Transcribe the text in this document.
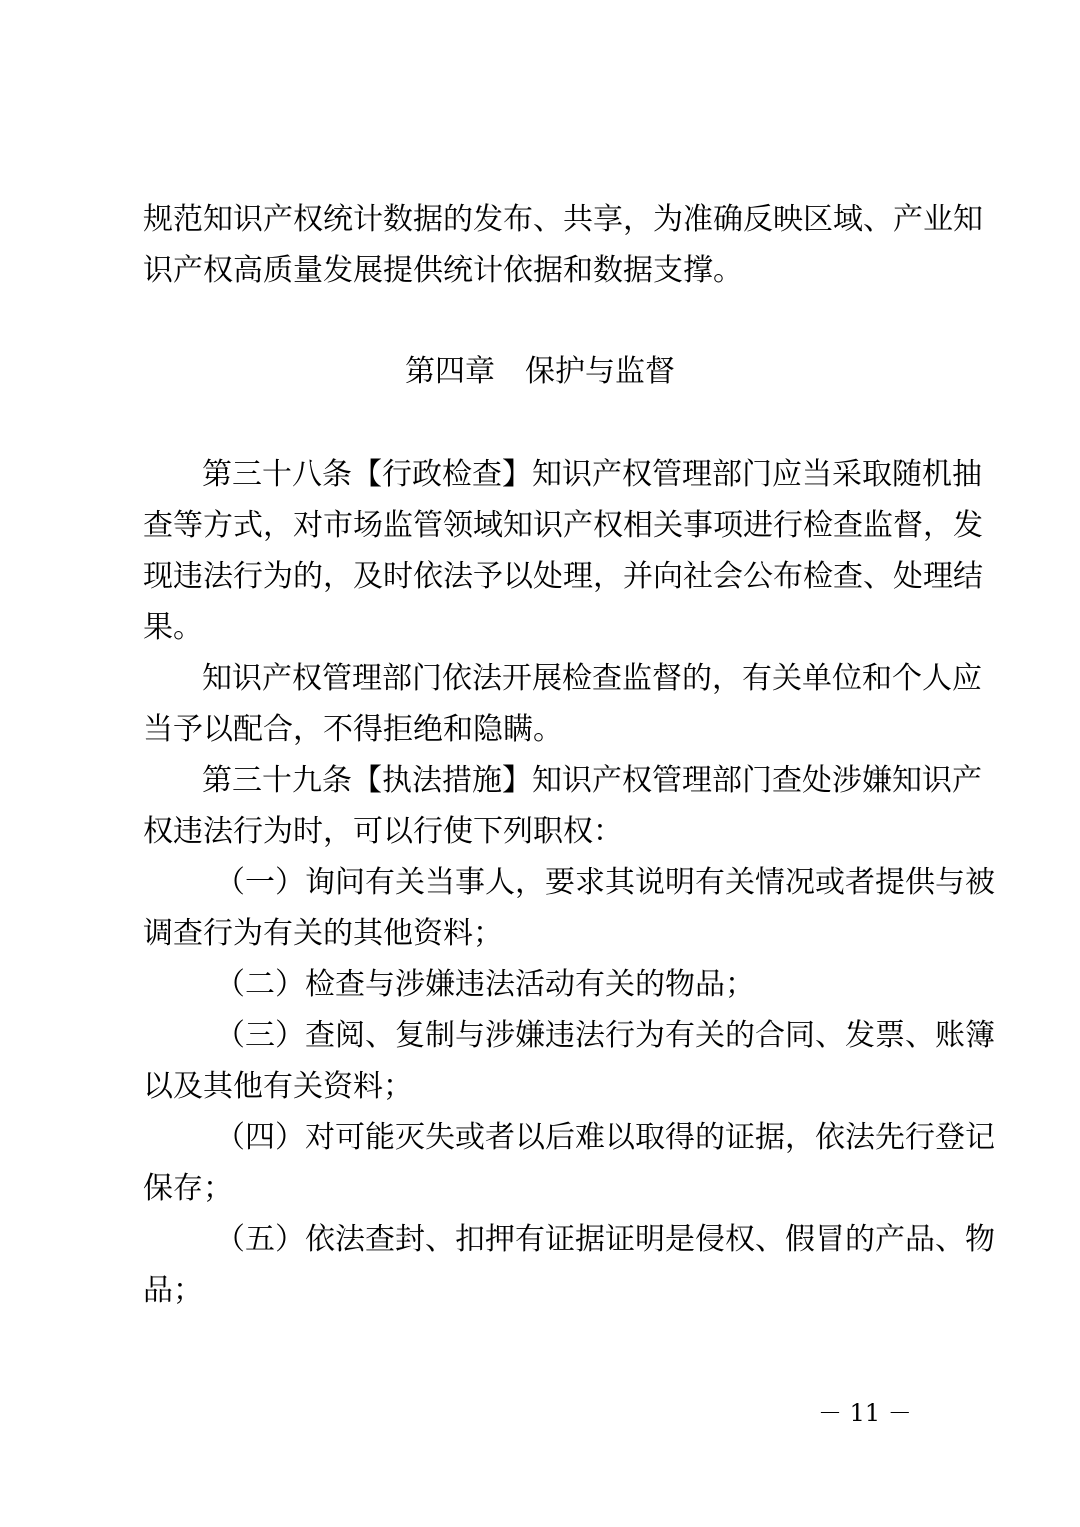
规范知识产权统计数据的发布、共享，为准确反映区域、产业知
识产权高质量发展提供统计依据和数据支撑。
第四章　保护与监督
第三十八条【行政检查】知识产权管理部门应当采取随机抽
查等方式，对市场监管领域知识产权相关事项进行检查监督，发
现违法行为的，及时依法予以处理，并向社会公布检查、处理结
果。
知识产权管理部门依法开展检查监督的，有关单位和个人应
当予以配合，不得拒绝和隐瞒。
第三十九条【执法措施】知识产权管理部门查处涉嫌知识产
权违法行为时，可以行使下列职权：
（一）询问有关当事人，要求其说明有关情况或者提供与被
调查行为有关的其他资料；
（二）检查与涉嫌违法活动有关的物品；
（三）查阅、复制与涉嫌违法行为有关的合同、发票、账簿
以及其他有关资料；
（四）对可能灭失或者以后难以取得的证据，依法先行登记
保存；
（五）依法查封、扣押有证据证明是侵权、假冒的产品、物
品；
－ 11 －
